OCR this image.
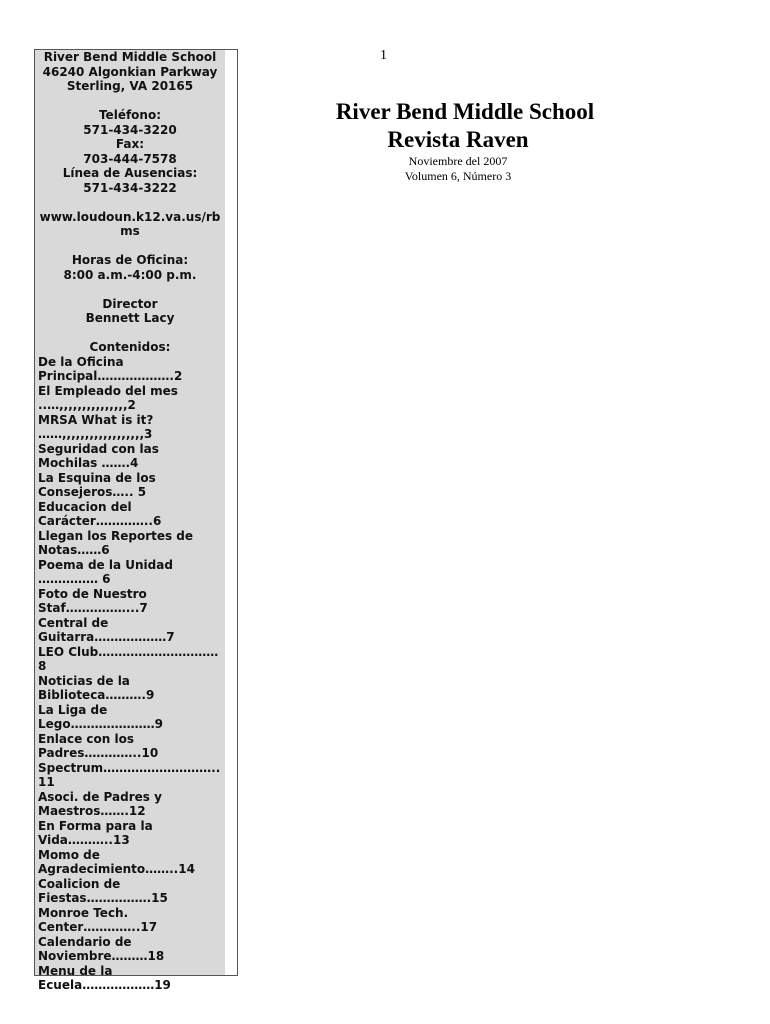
1
River Bend Middle School
46240 Algonkian Parkway
Sterling, VA 20165
Teléfono:
571-434-3220
Fax:
703-444-7578
Línea de Ausencias:
571-434-3222
www.loudoun.k12.va.us/rbms
Horas de Oficina:
8:00 a.m.-4:00 p.m.
Director
Bennett Lacy
Contenidos:
De la Oficina Principal……………….2
El Empleado del mes ..…,,,,,,,,,,,,,,,2
MRSA What is it? ……,,,,,,,,,,,,,,,,,,3
Seguridad con las Mochilas …….4
La Esquina de los Consejeros….. 5
Educacion del Carácter…………..6
Llegan los Reportes de Notas……6
Poema de la Unidad …………… 6
Foto de Nuestro Staf……………...7
Central de Guitarra………………7
LEO Club…………………………8
Noticias de la Biblioteca……….9
La Liga de Lego…………………9
Enlace con los Padres…………..10
Spectrum………………………..11
Asoci. de Padres y Maestros…….12
En Forma para la Vida………..13
Momo de Agradecimiento……..14
Coalicion de Fiestas…………….15
Monroe Tech. Center…………..17
Calendario de Noviembre………18
Menu de la Ecuela………………19
River Bend Middle School
Revista Raven
Noviembre del 2007
Volumen 6, Número 3
